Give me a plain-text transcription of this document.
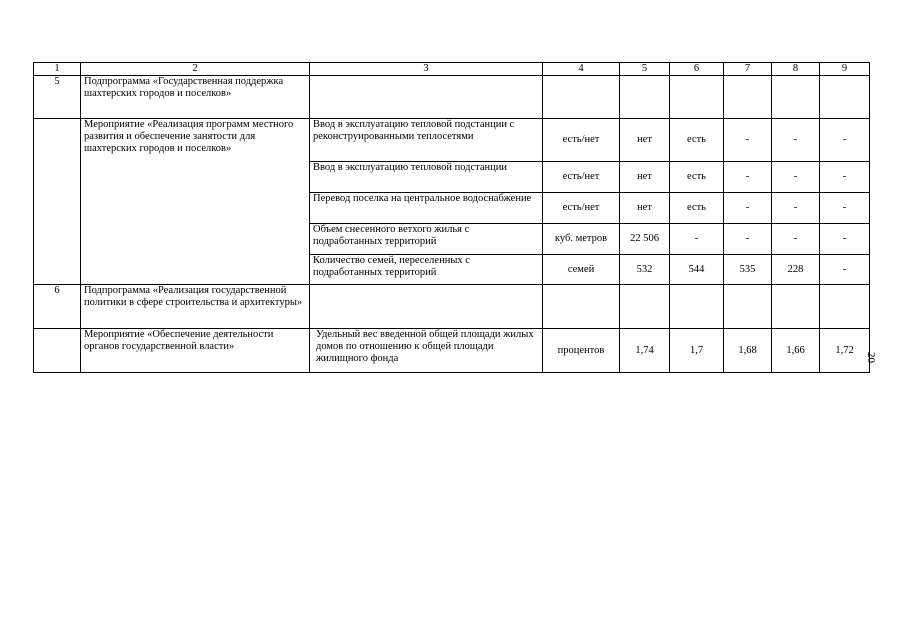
1	2	3	4	5	6	7	8	9
5	Подпрограмма «Государственная поддержка шахтерских городов и поселков»							
	Мероприятие «Реализация программ местного развития и обеспечение занятости для шахтерских городов и поселков»	Ввод в эксплуатацию тепловой подстанции с реконструированными теплосетями	есть/нет	нет	есть	-	-	-
		Ввод в эксплуатацию тепловой подстанции	есть/нет	нет	есть	-	-	-
		Перевод поселка на центральное водоснабжение	есть/нет	нет	есть	-	-	-
		Объем снесенного ветхого жилья с подработанных территорий	куб. метров	22 506	-	-	-	-
		Количество семей, переселенных с подработанных территорий	семей	532	544	535	228	-
6	Подпрограмма «Реализация государственной политики в сфере строительства и архитектуры»							
	Мероприятие «Обеспечение деятельности органов государственной власти»	Удельный вес введенной общей площади жилых домов по отношению к общей площади жилищного фонда	процентов	1,74	1,7	1,68	1,66	1,72
20
